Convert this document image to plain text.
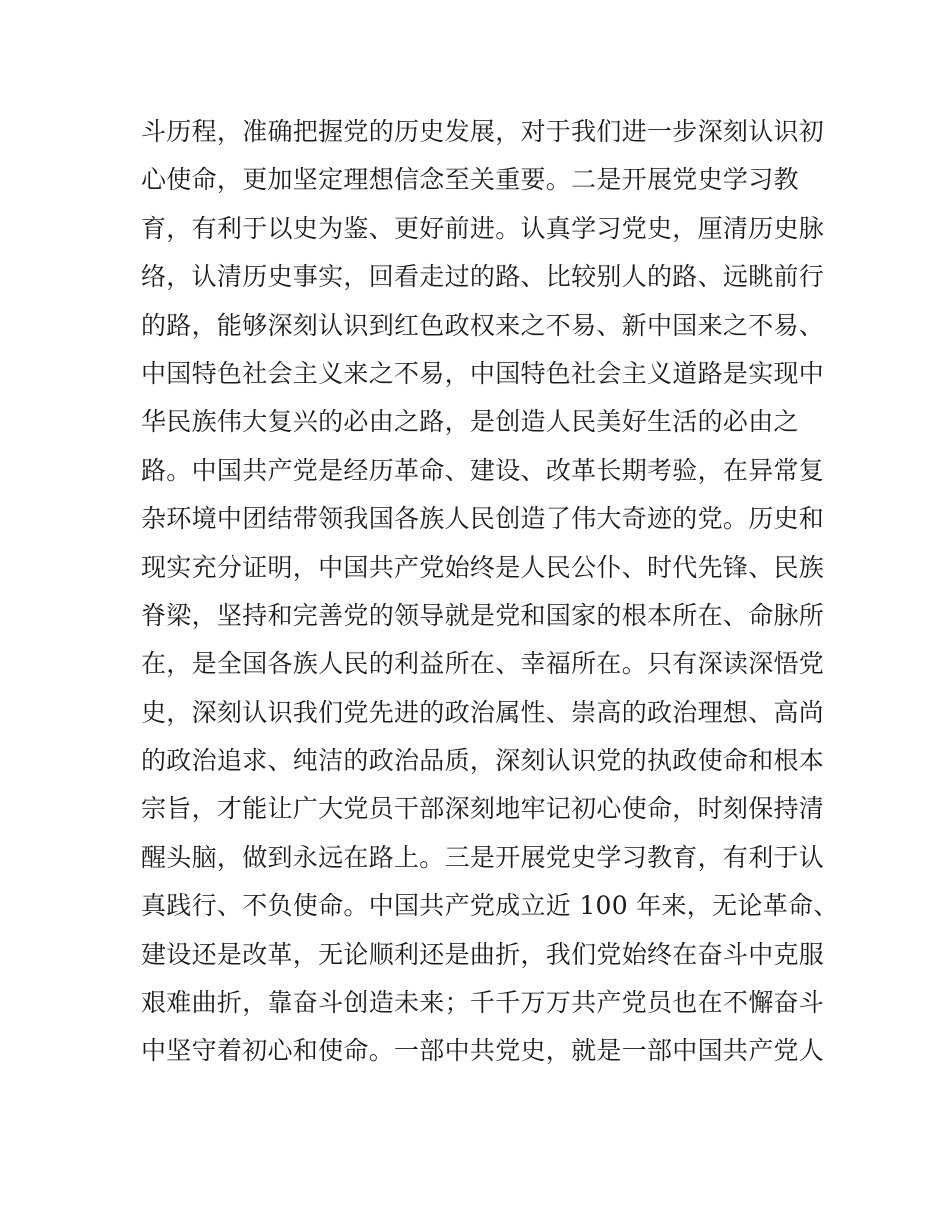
斗历程，准确把握党的历史发展，对于我们进一步深刻认识初
心使命，更加坚定理想信念至关重要。二是开展党史学习教
育，有利于以史为鉴、更好前进。认真学习党史，厘清历史脉
络，认清历史事实，回看走过的路、比较别人的路、远眺前行
的路，能够深刻认识到红色政权来之不易、新中国来之不易、
中国特色社会主义来之不易，中国特色社会主义道路是实现中
华民族伟大复兴的必由之路，是创造人民美好生活的必由之
路。中国共产党是经历革命、建设、改革长期考验，在异常复
杂环境中团结带领我国各族人民创造了伟大奇迹的党。历史和
现实充分证明，中国共产党始终是人民公仆、时代先锋、民族
脊梁，坚持和完善党的领导就是党和国家的根本所在、命脉所
在，是全国各族人民的利益所在、幸福所在。只有深读深悟党
史，深刻认识我们党先进的政治属性、崇高的政治理想、高尚
的政治追求、纯洁的政治品质，深刻认识党的执政使命和根本
宗旨，才能让广大党员干部深刻地牢记初心使命，时刻保持清
醒头脑，做到永远在路上。三是开展党史学习教育，有利于认
真践行、不负使命。中国共产党成立近 100 年来，无论革命、
建设还是改革，无论顺利还是曲折，我们党始终在奋斗中克服
艰难曲折，靠奋斗创造未来；千千万万共产党员也在不懈奋斗
中坚守着初心和使命。一部中共党史，就是一部中国共产党人
